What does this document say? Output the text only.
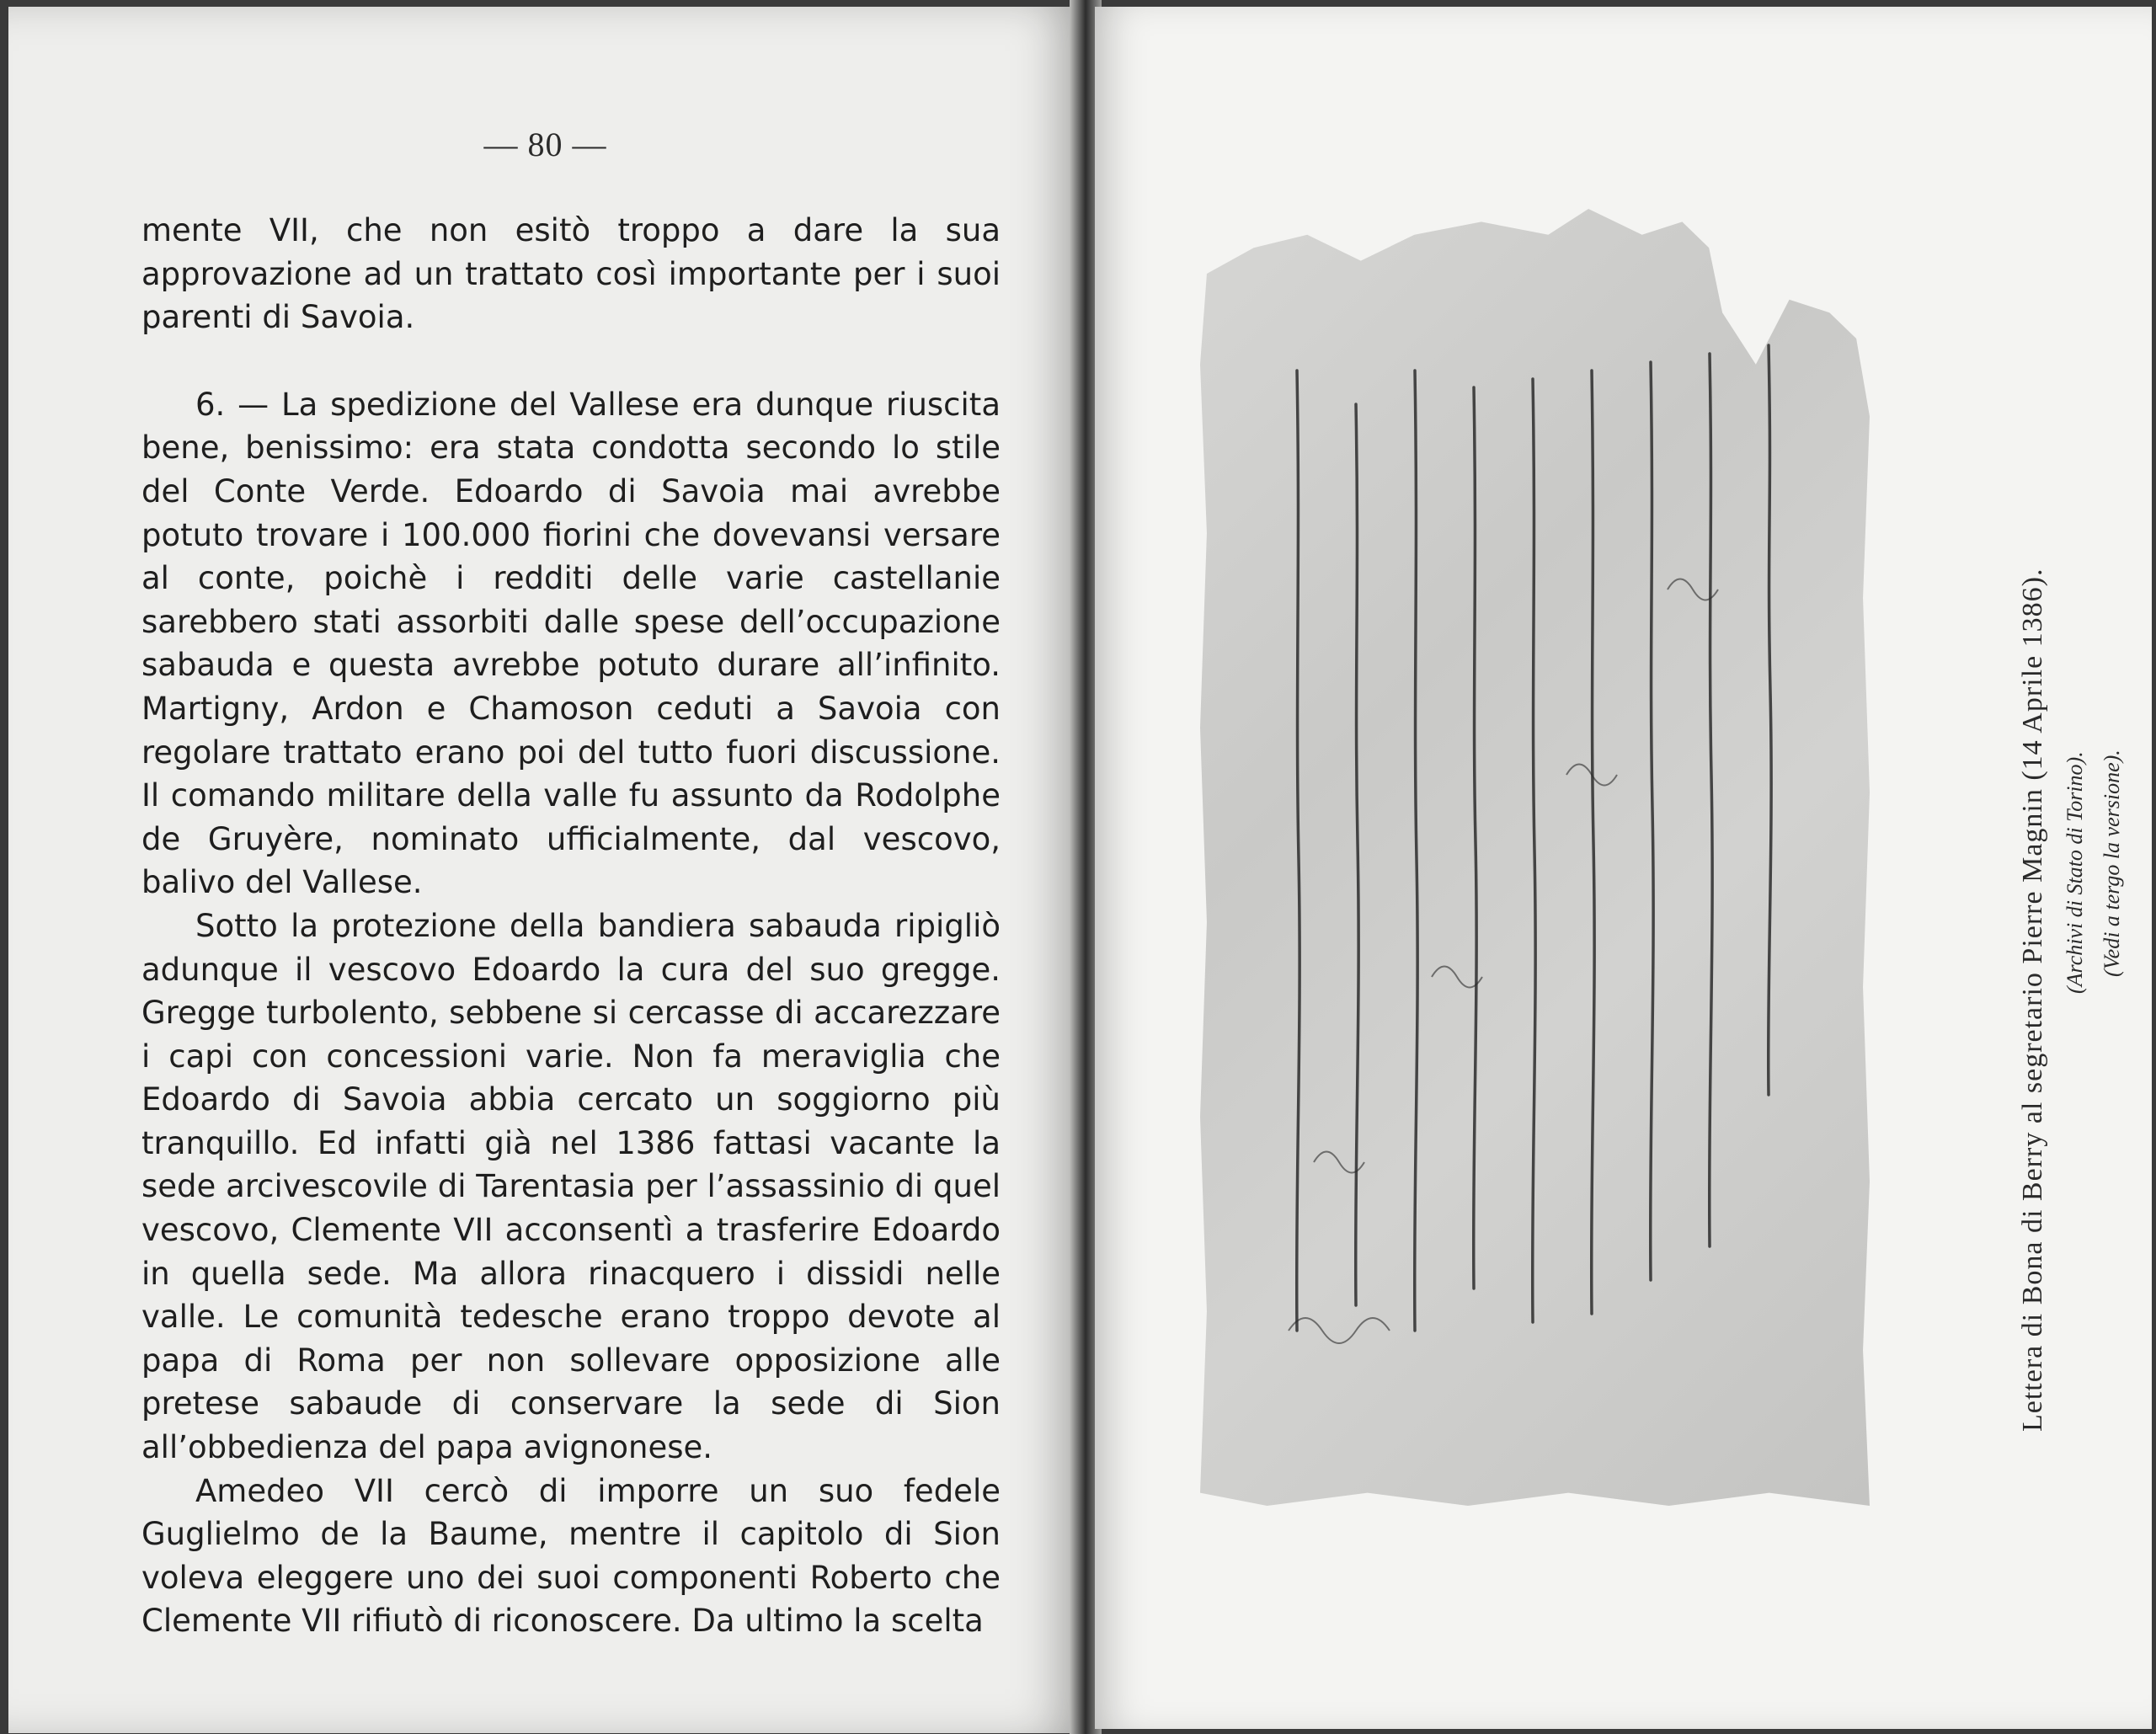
— 80 —

mente VII, che non esitò troppo a dare la sua approvazione ad un trattato così importante per i suoi parenti di Savoia.

6. — La spedizione del Vallese era dunque riuscita bene, benissimo: era stata condotta secondo lo stile del Conte Verde. Edoardo di Savoia mai avrebbe potuto trovare i 100.000 fiorini che dovevansi versare al conte, poichè i redditi delle varie castellanie sarebbero stati assorbiti dalle spese dell’occupazione sabauda e questa avrebbe potuto durare all’infinito. Martigny, Ardon e Chamoson ceduti a Savoia con regolare trattato erano poi del tutto fuori discussione. Il comando militare della valle fu assunto da Rodolphe de Gruyère, nominato ufficialmente, dal vescovo, balivo del Vallese.

Sotto la protezione della bandiera sabauda ripigliò adunque il vescovo Edoardo la cura del suo gregge. Gregge turbolento, sebbene si cercasse di accarezzare i capi con concessioni varie. Non fa meraviglia che Edoardo di Savoia abbia cercato un soggiorno più tranquillo. Ed infatti già nel 1386 fattasi vacante la sede arcivescovile di Tarentasia per l’assassinio di quel vescovo, Clemente VII acconsentì a trasferire Edoardo in quella sede. Ma allora rinacquero i dissidi nelle valle. Le comunità tedesche erano troppo devote al papa di Roma per non sollevare opposizione alle pretese sabaude di conservare la sede di Sion all’obbedienza del papa avignonese.

Amedeo VII cercò di imporre un suo fedele Guglielmo de la Baume, mentre il capitolo di Sion voleva eleggere uno dei suoi componenti Roberto che Clemente VII rifiutò di riconoscere. Da ultimo la scelta

Lettera di Bona di Berry al segretario Pierre Magnin (14 Aprile 1386). (Archivi di Stato di Torino). (Vedi a tergo la versione).
